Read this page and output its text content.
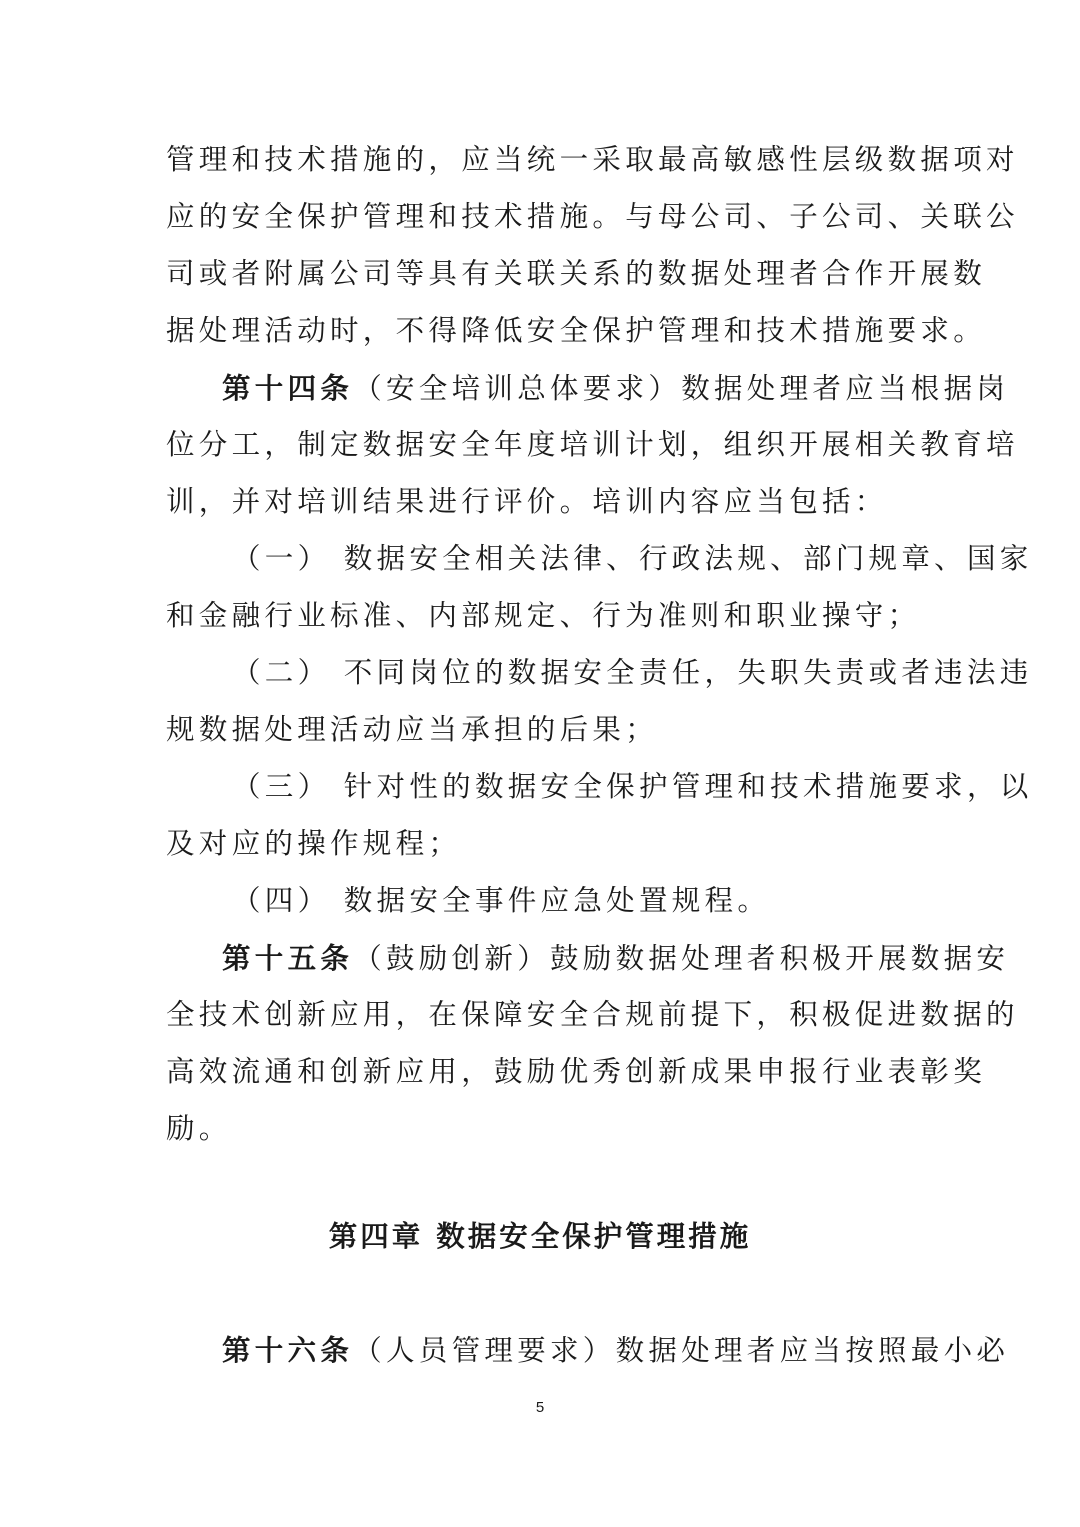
管理和技术措施的，应当统一采取最高敏感性层级数据项对
应的安全保护管理和技术措施。与母公司、子公司、关联公
司或者附属公司等具有关联关系的数据处理者合作开展数
据处理活动时，不得降低安全保护管理和技术措施要求。
第十四条（安全培训总体要求）数据处理者应当根据岗
位分工，制定数据安全年度培训计划，组织开展相关教育培
训，并对培训结果进行评价。培训内容应当包括：
（一） 数据安全相关法律、行政法规、部门规章、国家
和金融行业标准、内部规定、行为准则和职业操守；
（二） 不同岗位的数据安全责任，失职失责或者违法违
规数据处理活动应当承担的后果；
（三） 针对性的数据安全保护管理和技术措施要求，以
及对应的操作规程；
（四） 数据安全事件应急处置规程。
第十五条（鼓励创新）鼓励数据处理者积极开展数据安
全技术创新应用，在保障安全合规前提下，积极促进数据的
高效流通和创新应用，鼓励优秀创新成果申报行业表彰奖
励。
第四章 数据安全保护管理措施
第十六条（人员管理要求）数据处理者应当按照最小必
5
